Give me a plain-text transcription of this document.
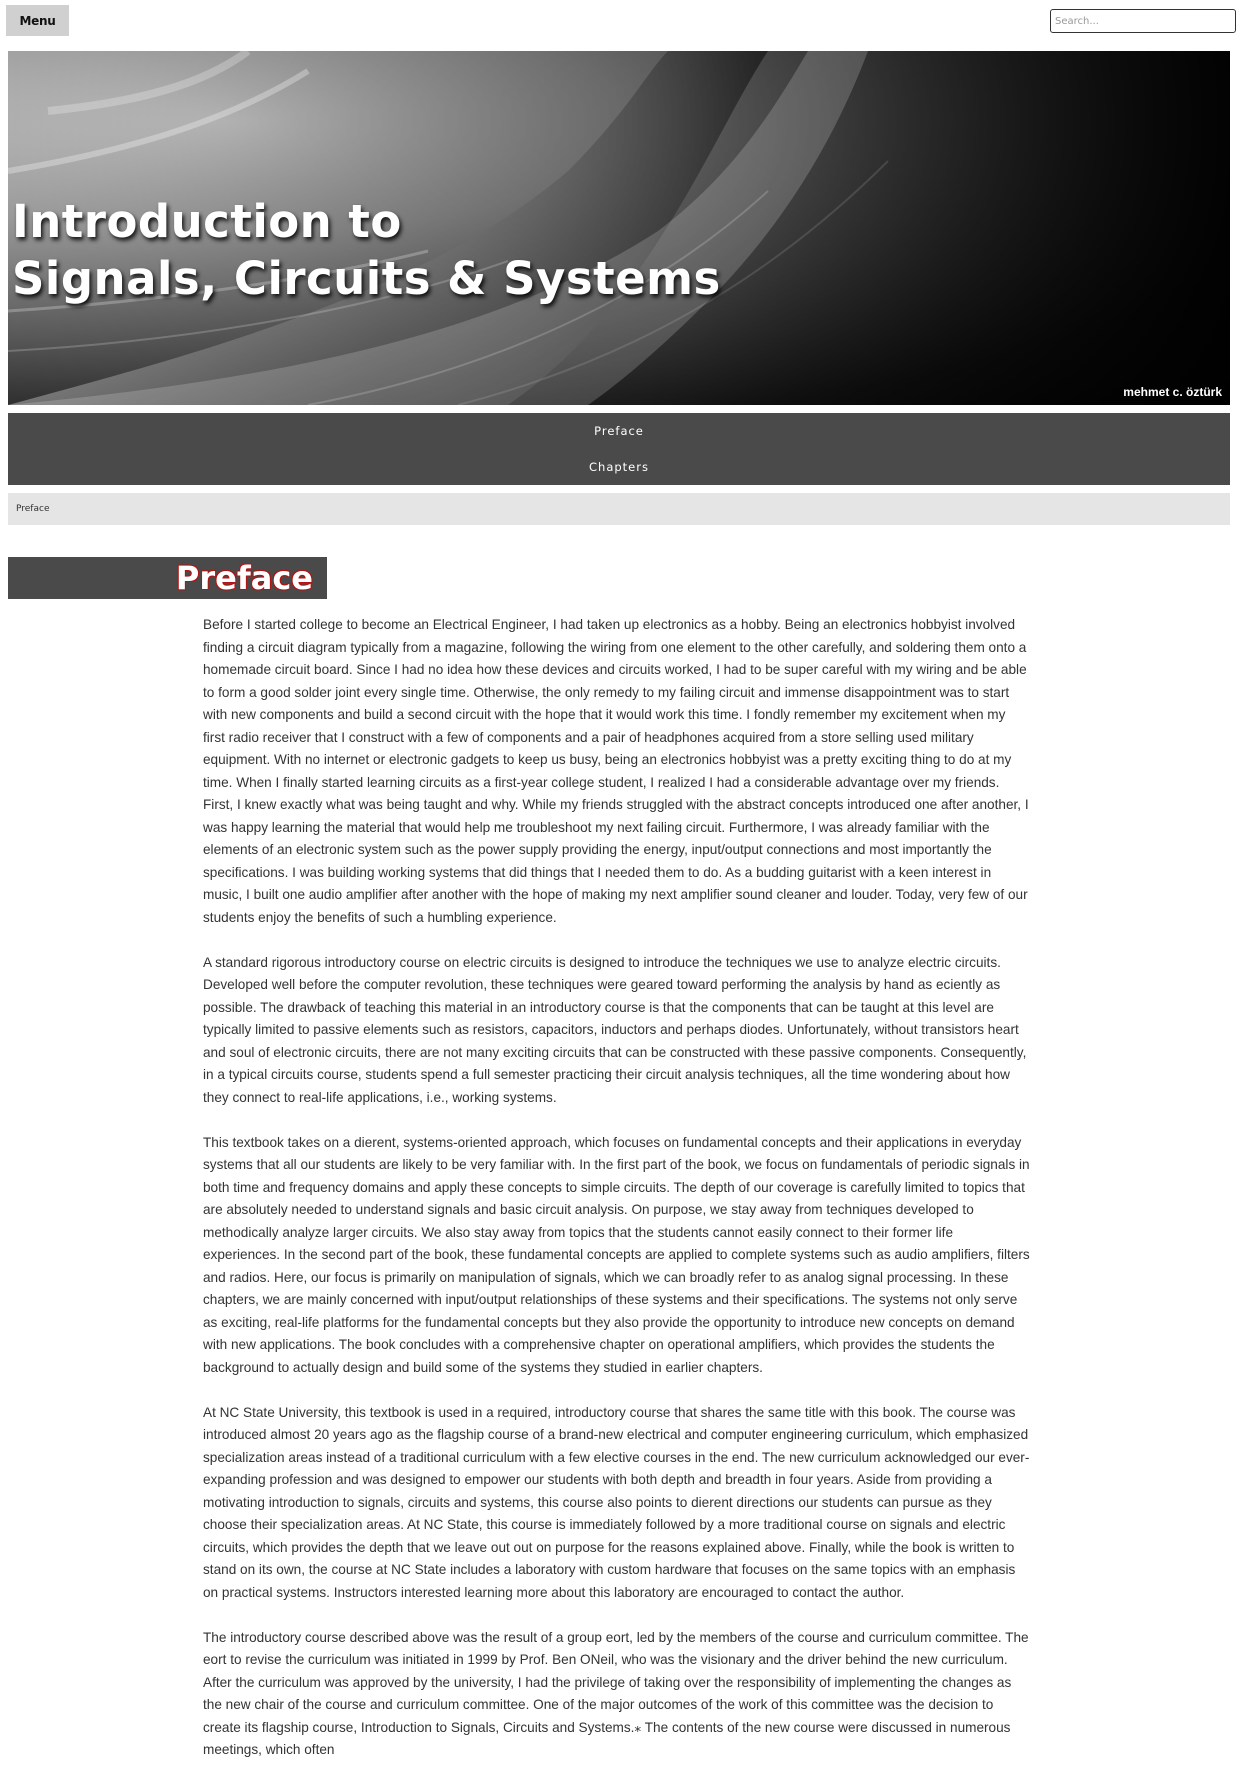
Menu
Search...
Introduction to
Signals, Circuits & Systems
mehmet c. öztürk
Preface
Chapters
Preface
Preface

Before I started college to become an Electrical Engineer, I had taken up electronics as a hobby. Being an electronics hobbyist involved finding a circuit diagram typically from a magazine, following the wiring from one element to the other carefully, and soldering them onto a homemade circuit board. Since I had no idea how these devices and circuits worked, I had to be super careful with my wiring and be able to form a good solder joint every single time. Otherwise, the only remedy to my failing circuit and immense disappointment was to start with new components and build a second circuit with the hope that it would work this time. I fondly remember my excitement when my first radio receiver that I construct with a few of components and a pair of headphones acquired from a store selling used military equipment. With no internet or electronic gadgets to keep us busy, being an electronics hobbyist was a pretty exciting thing to do at my time. When I finally started learning circuits as a first-year college student, I realized I had a considerable advantage over my friends. First, I knew exactly what was being taught and why. While my friends struggled with the abstract concepts introduced one after another, I was happy learning the material that would help me troubleshoot my next failing circuit. Furthermore, I was already familiar with the elements of an electronic system such as the power supply providing the energy, input/output connections and most importantly the specifications. I was building working systems that did things that I needed them to do. As a budding guitarist with a keen interest in music, I built one audio amplifier after another with the hope of making my next amplifier sound cleaner and louder. Today, very few of our students enjoy the benefits of such a humbling experience.

A standard rigorous introductory course on electric circuits is designed to introduce the techniques we use to analyze electric circuits. Developed well before the computer revolution, these techniques were geared toward performing the analysis by hand as eciently as possible. The drawback of teaching this material in an introductory course is that the components that can be taught at this level are typically limited to passive elements such as resistors, capacitors, inductors and perhaps diodes. Unfortunately, without transistors heart and soul of electronic circuits, there are not many exciting circuits that can be constructed with these passive components. Consequently, in a typical circuits course, students spend a full semester practicing their circuit analysis techniques, all the time wondering about how they connect to real-life applications, i.e., working systems.

This textbook takes on a dierent, systems-oriented approach, which focuses on fundamental concepts and their applications in everyday systems that all our students are likely to be very familiar with. In the first part of the book, we focus on fundamentals of periodic signals in both time and frequency domains and apply these concepts to simple circuits. The depth of our coverage is carefully limited to topics that are absolutely needed to understand signals and basic circuit analysis. On purpose, we stay away from techniques developed to methodically analyze larger circuits. We also stay away from topics that the students cannot easily connect to their former life experiences. In the second part of the book, these fundamental concepts are applied to complete systems such as audio amplifiers, filters and radios. Here, our focus is primarily on manipulation of signals, which we can broadly refer to as analog signal processing. In these chapters, we are mainly concerned with input/output relationships of these systems and their specifications. The systems not only serve as exciting, real-life platforms for the fundamental concepts but they also provide the opportunity to introduce new concepts on demand with new applications. The book concludes with a comprehensive chapter on operational amplifiers, which provides the students the background to actually design and build some of the systems they studied in earlier chapters.

At NC State University, this textbook is used in a required, introductory course that shares the same title with this book. The course was introduced almost 20 years ago as the flagship course of a brand-new electrical and computer engineering curriculum, which emphasized specialization areas instead of a traditional curriculum with a few elective courses in the end. The new curriculum acknowledged our ever-expanding profession and was designed to empower our students with both depth and breadth in four years. Aside from providing a motivating introduction to signals, circuits and systems, this course also points to dierent directions our students can pursue as they choose their specialization areas. At NC State, this course is immediately followed by a more traditional course on signals and electric circuits, which provides the depth that we leave out out on purpose for the reasons explained above. Finally, while the book is written to stand on its own, the course at NC State includes a laboratory with custom hardware that focuses on the same topics with an emphasis on practical systems. Instructors interested learning more about this laboratory are encouraged to contact the author.

The introductory course described above was the result of a group eort, led by the members of the course and curriculum committee. The eort to revise the curriculum was initiated in 1999 by Prof. Ben ONeil, who was the visionary and the driver behind the new curriculum. After the curriculum was approved by the university, I had the privilege of taking over the responsibility of implementing the changes as the new chair of the course and curriculum committee. One of the major outcomes of the work of this committee was the decision to create its flagship course, Introduction to Signals, Circuits and Systems.⁎ The contents of the new course were discussed in numerous meetings, which often
